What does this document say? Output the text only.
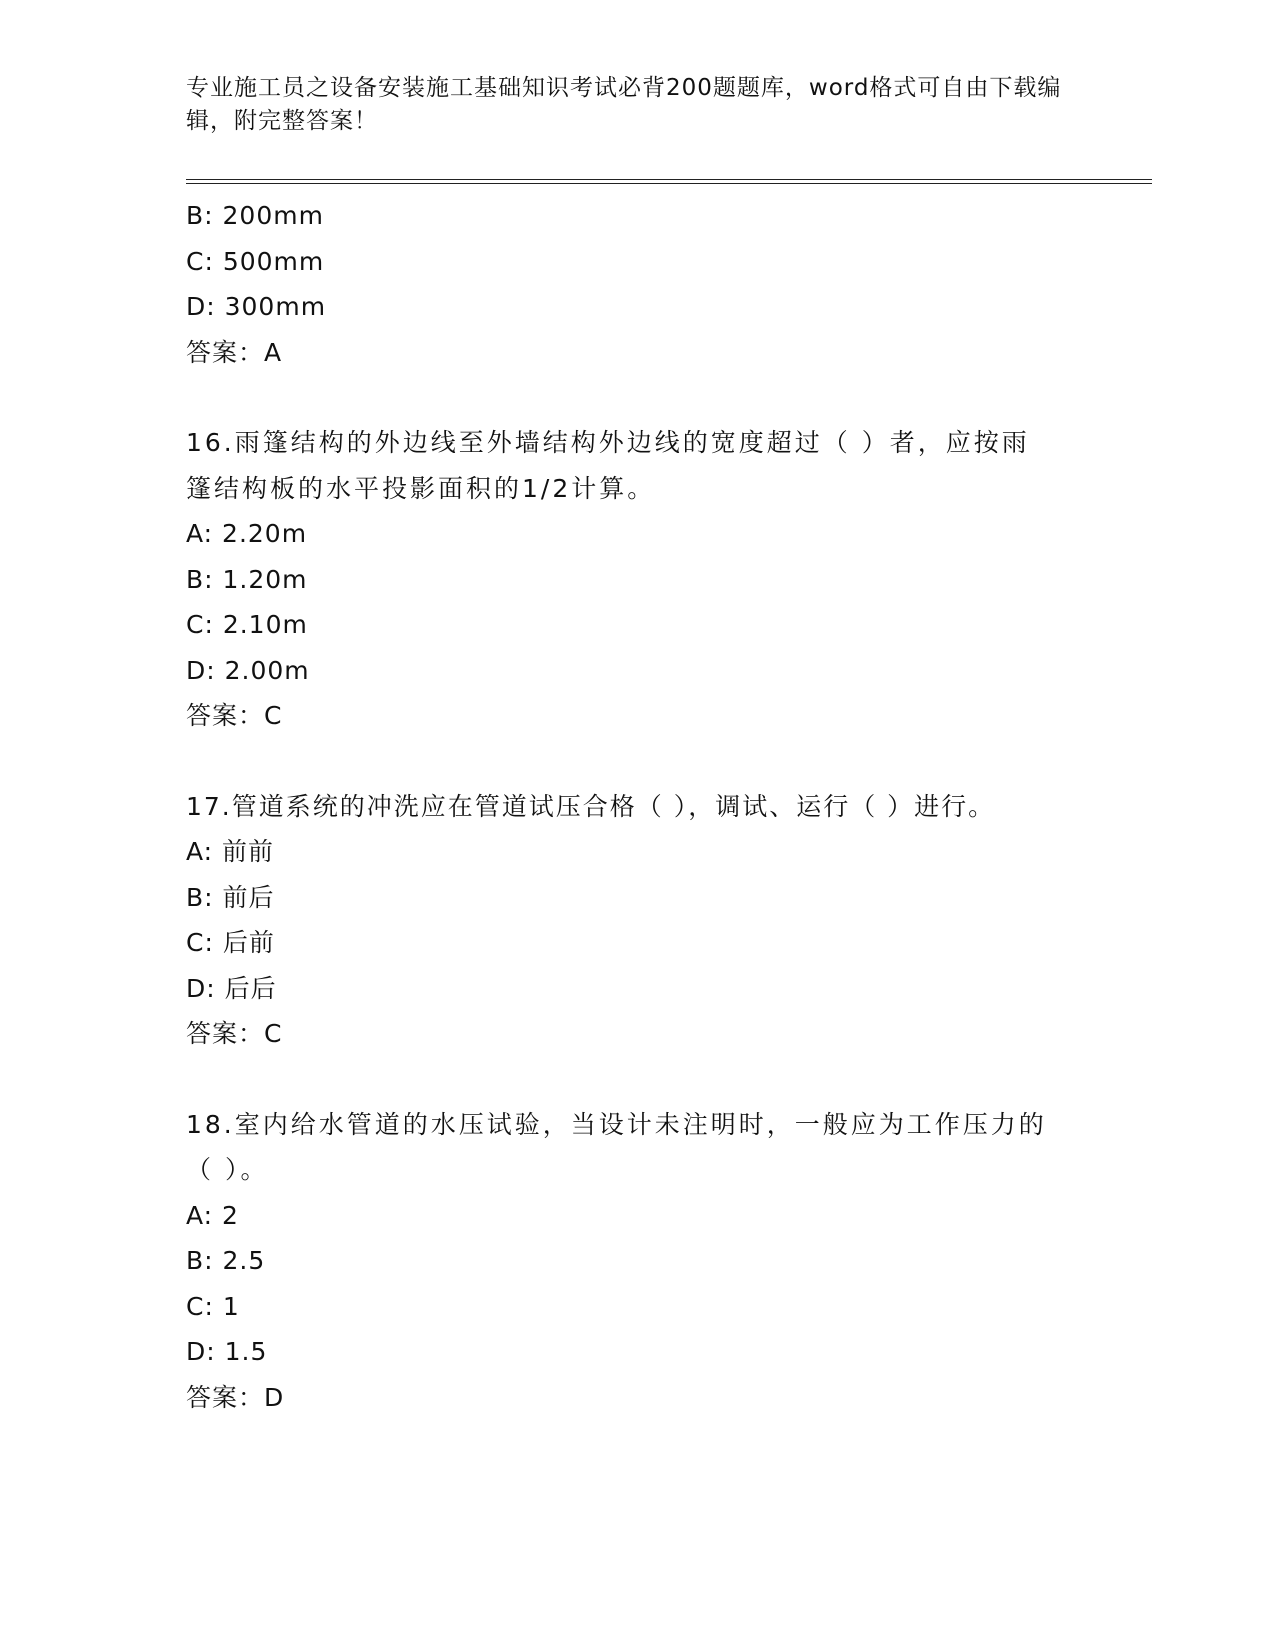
专业施工员之设备安装施工基础知识考试必背200题题库，word格式可自由下载编辑，附完整答案！
B: 200mm
C: 500mm
D: 300mm
答案：A
16.雨篷结构的外边线至外墙结构外边线的宽度超过（ ）者，应按雨
篷结构板的水平投影面积的1/2计算。
A: 2.20m
B: 1.20m
C: 2.10m
D: 2.00m
答案：C
17.管道系统的冲洗应在管道试压合格（ ），调试、运行（ ）进行。
A: 前前
B: 前后
C: 后前
D: 后后
答案：C
18.室内给水管道的水压试验，当设计未注明时，一般应为工作压力的
（ ）。
A: 2
B: 2.5
C: 1
D: 1.5
答案：D
